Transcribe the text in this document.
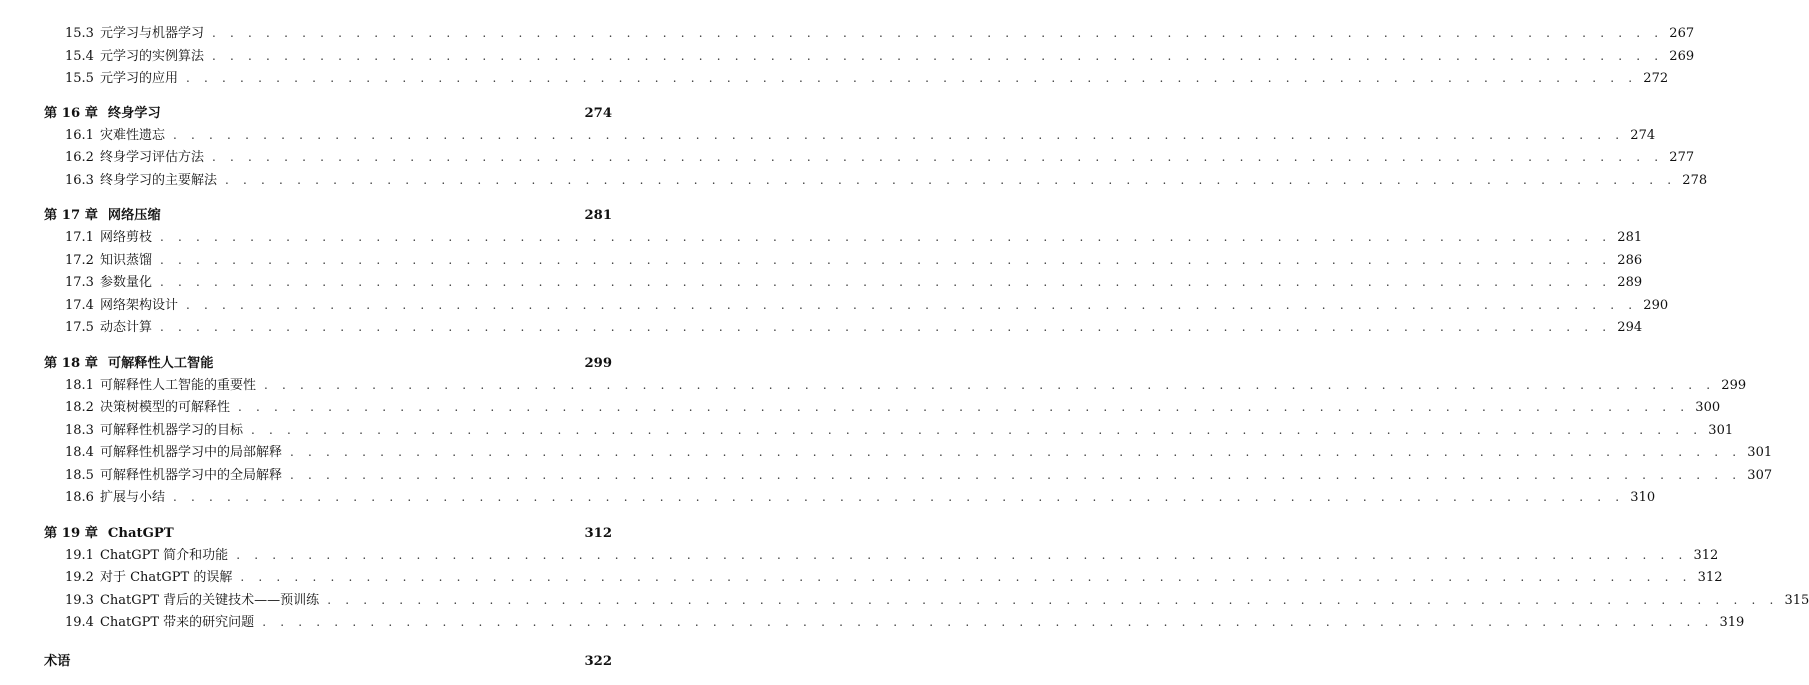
15.3 元学习与机器学习 . . . . . . . . . . . . . . . . . . . . . . . . . . . . . . . . . . . . . . . . . . . . . . . . . . . . . . . . . . . . . . . . . . . . . . . . . . . . . . . . . 267
15.4 元学习的实例算法 . . . . . . . . . . . . . . . . . . . . . . . . . . . . . . . . . . . . . . . . . . . . . . . . . . . . . . . . . . . . . . . . . . . . . . . . . . . . . . . . . 269
15.5 元学习的应用 . . . . . . . . . . . . . . . . . . . . . . . . . . . . . . . . . . . . . . . . . . . . . . . . . . . . . . . . . . . . . . . . . . . . . . . . . . . . . . . . . 272
第 16 章 终身学习	274
16.1 灾难性遗忘 . . . . . . . . . . . . . . . . . . . . . . . . . . . . . . . . . . . . . . . . . . . . . . . . . . . . . . . . . . . . . . . . . . . . . . . . . . . . . . . . . 274
16.2 终身学习评估方法 . . . . . . . . . . . . . . . . . . . . . . . . . . . . . . . . . . . . . . . . . . . . . . . . . . . . . . . . . . . . . . . . . . . . . . . . . . . . . . . . . 277
16.3 终身学习的主要解法 . . . . . . . . . . . . . . . . . . . . . . . . . . . . . . . . . . . . . . . . . . . . . . . . . . . . . . . . . . . . . . . . . . . . . . . . . . . . . . . . . 278
第 17 章 网络压缩	281
17.1 网络剪枝 . . . . . . . . . . . . . . . . . . . . . . . . . . . . . . . . . . . . . . . . . . . . . . . . . . . . . . . . . . . . . . . . . . . . . . . . . . . . . . . . . 281
17.2 知识蒸馏 . . . . . . . . . . . . . . . . . . . . . . . . . . . . . . . . . . . . . . . . . . . . . . . . . . . . . . . . . . . . . . . . . . . . . . . . . . . . . . . . . 286
17.3 参数量化 . . . . . . . . . . . . . . . . . . . . . . . . . . . . . . . . . . . . . . . . . . . . . . . . . . . . . . . . . . . . . . . . . . . . . . . . . . . . . . . . . 289
17.4 网络架构设计 . . . . . . . . . . . . . . . . . . . . . . . . . . . . . . . . . . . . . . . . . . . . . . . . . . . . . . . . . . . . . . . . . . . . . . . . . . . . . . . . . 290
17.5 动态计算 . . . . . . . . . . . . . . . . . . . . . . . . . . . . . . . . . . . . . . . . . . . . . . . . . . . . . . . . . . . . . . . . . . . . . . . . . . . . . . . . . 294
第 18 章 可解释性人工智能	299
18.1 可解释性人工智能的重要性 . . . . . . . . . . . . . . . . . . . . . . . . . . . . . . . . . . . . . . . . . . . . . . . . . . . . . . . . . . . . . . . . . . . . . . . . . . . . . . . . . 299
18.2 决策树模型的可解释性 . . . . . . . . . . . . . . . . . . . . . . . . . . . . . . . . . . . . . . . . . . . . . . . . . . . . . . . . . . . . . . . . . . . . . . . . . . . . . . . . . 300
18.3 可解释性机器学习的目标 . . . . . . . . . . . . . . . . . . . . . . . . . . . . . . . . . . . . . . . . . . . . . . . . . . . . . . . . . . . . . . . . . . . . . . . . . . . . . . . . . 301
18.4 可解释性机器学习中的局部解释 . . . . . . . . . . . . . . . . . . . . . . . . . . . . . . . . . . . . . . . . . . . . . . . . . . . . . . . . . . . . . . . . . . . . . . . . . . . . . . . . . 301
18.5 可解释性机器学习中的全局解释 . . . . . . . . . . . . . . . . . . . . . . . . . . . . . . . . . . . . . . . . . . . . . . . . . . . . . . . . . . . . . . . . . . . . . . . . . . . . . . . . . 307
18.6 扩展与小结 . . . . . . . . . . . . . . . . . . . . . . . . . . . . . . . . . . . . . . . . . . . . . . . . . . . . . . . . . . . . . . . . . . . . . . . . . . . . . . . . . 310
第 19 章 ChatGPT	312
19.1 ChatGPT 简介和功能 . . . . . . . . . . . . . . . . . . . . . . . . . . . . . . . . . . . . . . . . . . . . . . . . . . . . . . . . . . . . . . . . . . . . . . . . . . . . . . . . . 312
19.2 对于 ChatGPT 的误解 . . . . . . . . . . . . . . . . . . . . . . . . . . . . . . . . . . . . . . . . . . . . . . . . . . . . . . . . . . . . . . . . . . . . . . . . . . . . . . . . . 312
19.3 ChatGPT 背后的关键技术——预训练 . . . . . . . . . . . . . . . . . . . . . . . . . . . . . . . . . . . . . . . . . . . . . . . . . . . . . . . . . . . . . . . . . . . . . . . . . . . . . . . . . 315
19.4 ChatGPT 带来的研究问题 . . . . . . . . . . . . . . . . . . . . . . . . . . . . . . . . . . . . . . . . . . . . . . . . . . . . . . . . . . . . . . . . . . . . . . . . . . . . . . . . . 319
术语	322
